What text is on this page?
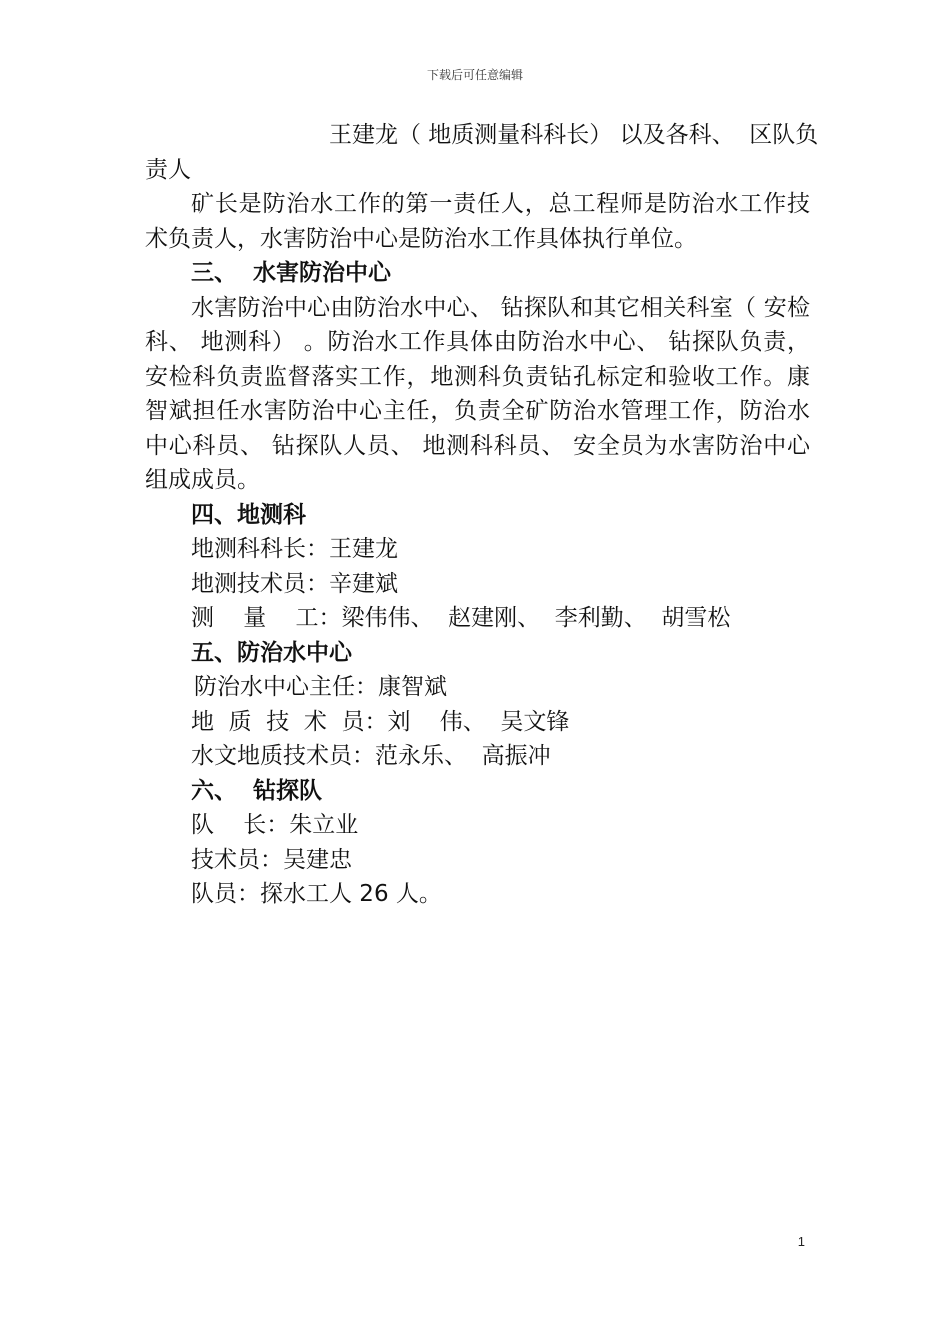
下载后可任意编辑

王建龙（ 地质测量科科长） 以及各科、  区队负

责人

矿长是防治水工作的第一责任人，总工程师是防治水工作技术负责人，水害防治中心是防治水工作具体执行单位。

三、  水害防治中心

水害防治中心由防治水中心、 钻探队和其它相关科室（ 安检科、 地测科） 。防治水工作具体由防治水中心、 钻探队负责，安检科负责监督落实工作，地测科负责钻孔标定和验收工作。康智斌担任水害防治中心主任，负责全矿防治水管理工作，防治水中心科员、 钻探队人员、 地测科科员、 安全员为水害防治中心组成成员。

四、地测科

地测科科长：王建龙

地测技术员：辛建斌

测    量    工：梁伟伟、  赵建刚、  李利勤、  胡雪松

五、防治水中心

防治水中心主任：康智斌

地  质  技  术  员：刘    伟、  吴文锋

水文地质技术员：范永乐、  高振冲

六、  钻探队

队    长：朱立业

技术员：吴建忠

队员：探水工人 26 人。

1
